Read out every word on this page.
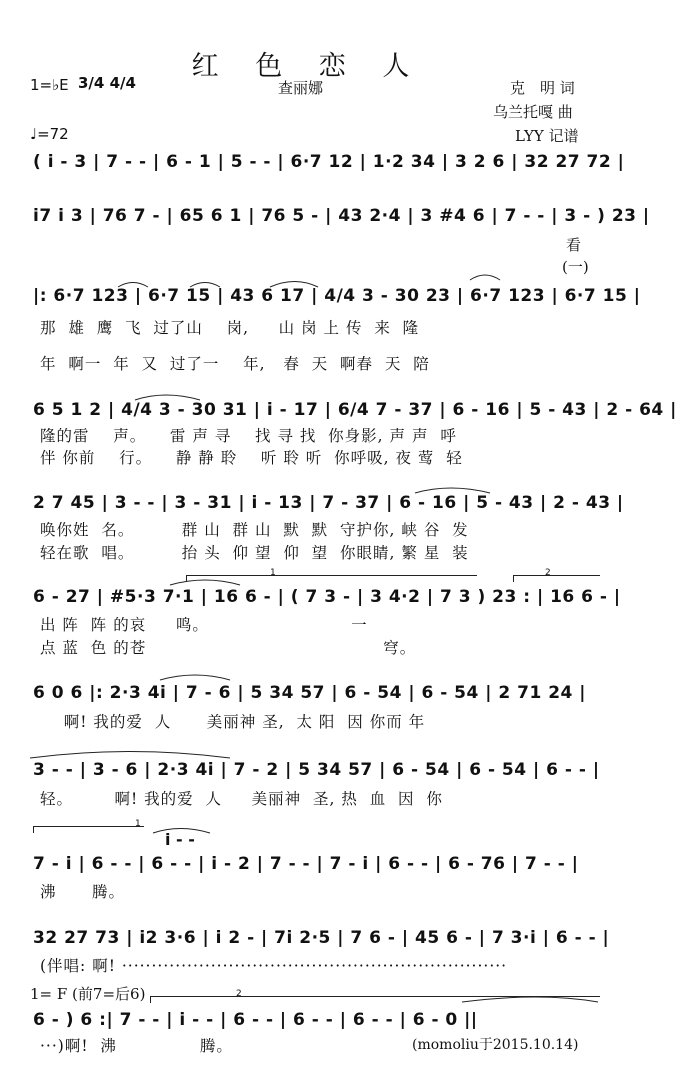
红 色 恋 人
1=♭E 3/4 4/4	查丽娜	克　明 词
乌兰托嘎 曲
LYY 记谱
♩=72
( i - 3 | 7 - - | 6 - 1 | 5 - - | 6·7 12 | 1·2 34 | 3 2 6 | 32 27 72 |
i7 i 3 | 76 7 - | 65 6 1 | 76 5 - | 43 2·4 | 3 #4 6 | 7 - - | 3 - ) 23 |
看
(一)
|: 6·7 123 | 6·7 15 | 43 6 17 | 4/4 3 - 30 23 | 6·7 123 | 6·7 15 |
那  雄  鹰  飞  过了山    岗,     山 岗 上 传  来  隆
年  啊一  年  又  过了一    年,   春  天  啊春  天  陪
6 5 1 2 | 4/4 3 - 30 31 | i - 17 | 6/4 7 - 37 | 6 - 16 | 5 - 43 | 2 - 64 |
隆的雷    声。    雷 声 寻    找 寻 找  你身影, 声 声  呼
伴 你前    行。    静 静 聆    听 聆 听  你呼吸, 夜 莺  轻
2 7 45 | 3 - - | 3 - 31 | i - 13 | 7 - 37 | 6 - 16 | 5 - 43 | 2 - 43 |
唤你姓  名。        群 山  群 山  默  默  守护你, 峡 谷  发
轻在歌  唱。        抬 头  仰 望  仰  望  你眼睛, 繁 星  装
1	2
6 - 27 | #5·3 7·1 | 16 6 - | ( 7 3 - | 3 4·2 | 7 3 ) 23 : | 16 6 - |
出 阵  阵 的哀     鸣。                        一
点 蓝  色 的苍                                        穹。
6 0 6 |: 2·3 4i | 7 - 6 | 5 34 57 | 6 - 54 | 6 - 54 | 2 71 24 |
啊! 我的爱  人      美丽神 圣,  太 阳  因 你而 年
3 - - | 3 - 6 | 2·3 4i | 7 - 2 | 5 34 57 | 6 - 54 | 6 - 54 | 6 - - |
轻。       啊! 我的爱  人     美丽神  圣, 热  血  因  你
1
i - -
7 - i | 6 - - | 6 - - | i - 2 | 7 - - | 7 - i | 6 - - | 6 - 76 | 7 - - |
沸      腾。
32 27 73 | i2 3·6 | i 2 - | 7i 2·5 | 7 6 - | 45 6 - | 7 3·i | 6 - - |
(伴唱: 啊! ·································································
1= F (前7=后6)	2
6 - ) 6 :| 7 - - | i - - | 6 - - | 6 - - | 6 - - | 6 - 0 ||
···)啊!  沸              腾。	(momoliu于2015.10.14)
